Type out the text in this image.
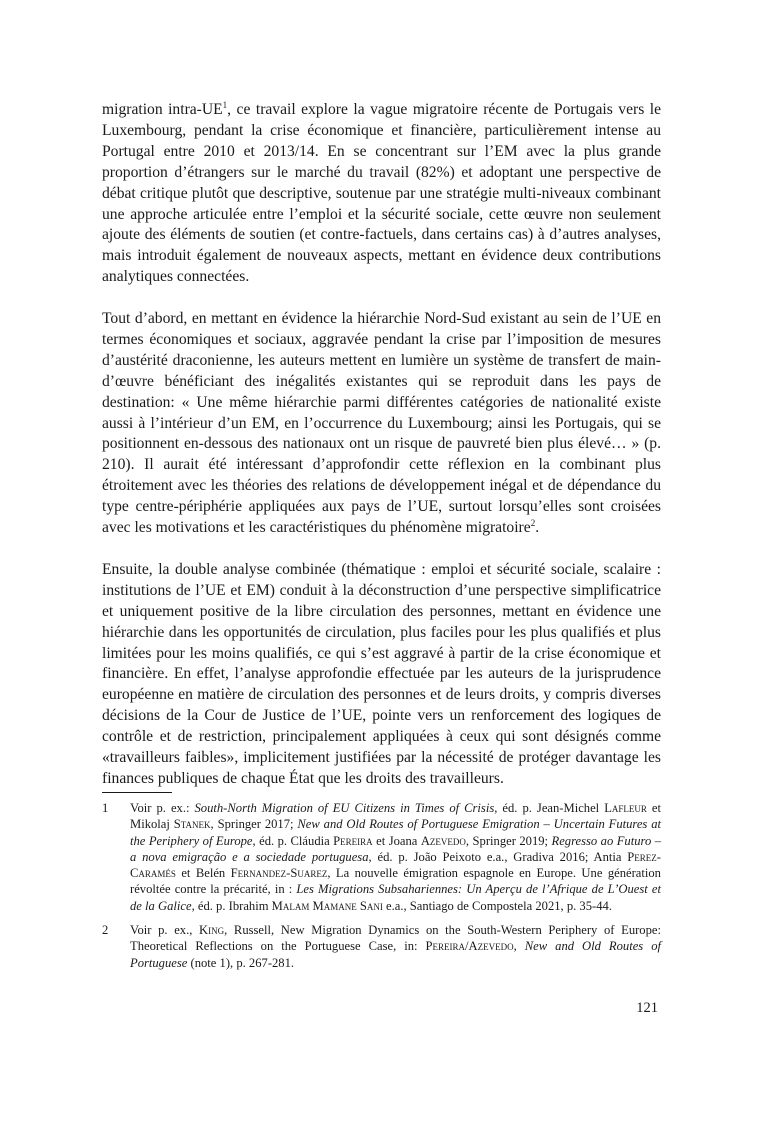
migration intra-$UE^1$, ce travail explore la vague migratoire récente de Portugais vers le Luxembourg, pendant la crise économique et financière, particulièrement intense au Portugal entre 2010 et 2013/14. En se concentrant sur l’EM avec la plus grande proportion d’étrangers sur le marché du travail (82%) et adoptant une perspective de débat critique plutôt que descriptive, soutenue par une stratégie multi-niveaux combinant une approche articulée entre l’emploi et la sécurité sociale, cette œuvre non seulement ajoute des éléments de soutien (et contre-factuels, dans certains cas) à d’autres analyses, mais introduit également de nouveaux aspects, mettant en évidence deux contributions analytiques connectées.

Tout d’abord, en mettant en évidence la hiérarchie Nord-Sud existant au sein de l’UE en termes économiques et sociaux, aggravée pendant la crise par l’imposition de mesures d’austérité draconienne, les auteurs mettent en lumière un système de transfert de main-d’œuvre bénéficiant des inégalités existantes qui se reproduit dans les pays de destination: « Une même hiérarchie parmi différentes catégories de nationalité existe aussi à l’intérieur d’un EM, en l’occurrence du Luxembourg; ainsi les Portugais, qui se positionnent en-dessous des nationaux ont un risque de pauvreté bien plus élevé… » (p. 210). Il aurait été intéressant d’approfondir cette réflexion en la combinant plus étroitement avec les théories des relations de développement inégal et de dépendance du type centre-périphérie appliquées aux pays de l’UE, surtout lorsqu’elles sont croisées avec les motivations et les caractéristiques du phénomène migratoire$^2$.

Ensuite, la double analyse combinée (thématique : emploi et sécurité sociale, scalaire : institutions de l’UE et EM) conduit à la déconstruction d’une perspective simplificatrice et uniquement positive de la libre circulation des personnes, mettant en évidence une hiérarchie dans les opportunités de circulation, plus faciles pour les plus qualifiés et plus limitées pour les moins qualifiés, ce qui s’est aggravé à partir de la crise économique et financière. En effet, l’analyse approfondie effectuée par les auteurs de la jurisprudence européenne en matière de circulation des personnes et de leurs droits, y compris diverses décisions de la Cour de Justice de l’UE, pointe vers un renforcement des logiques de contrôle et de restriction, principalement appliquées à ceux qui sont désignés comme «travailleurs faibles», implicitement justifiées par la nécessité de protéger davantage les finances publiques de chaque État que les droits des travailleurs.

1	Voir p. ex.: South-North Migration of EU Citizens in Times of Crisis, éd. p. Jean-Michel Lafleur et Mikolaj Stanek, Springer 2017; New and Old Routes of Portuguese Emigration – Uncertain Futures at the Periphery of Europe, éd. p. Cláudia Pereira et Joana Azevedo, Springer 2019; Regresso ao Futuro – a nova emigração e a sociedade portuguesa, éd. p. João Peixoto e.a., Gradiva 2016; Antia Perez-Caramés et Belén Fernandez-Suarez, La nouvelle émigration espagnole en Europe. Une génération révoltée contre la précarité, in : Les Migrations Subsahariennes: Un Aperçu de l’Afrique de L’Ouest et de la Galice, éd. p. Ibrahim Malam Mamane Sani e.a., Santiago de Compostela 2021, p. 35-44.
2	Voir p. ex., King, Russell, New Migration Dynamics on the South-Western Periphery of Europe: Theoretical Reflections on the Portuguese Case, in: Pereira/Azevedo, New and Old Routes of Portuguese (note 1), p. 267-281.
121
